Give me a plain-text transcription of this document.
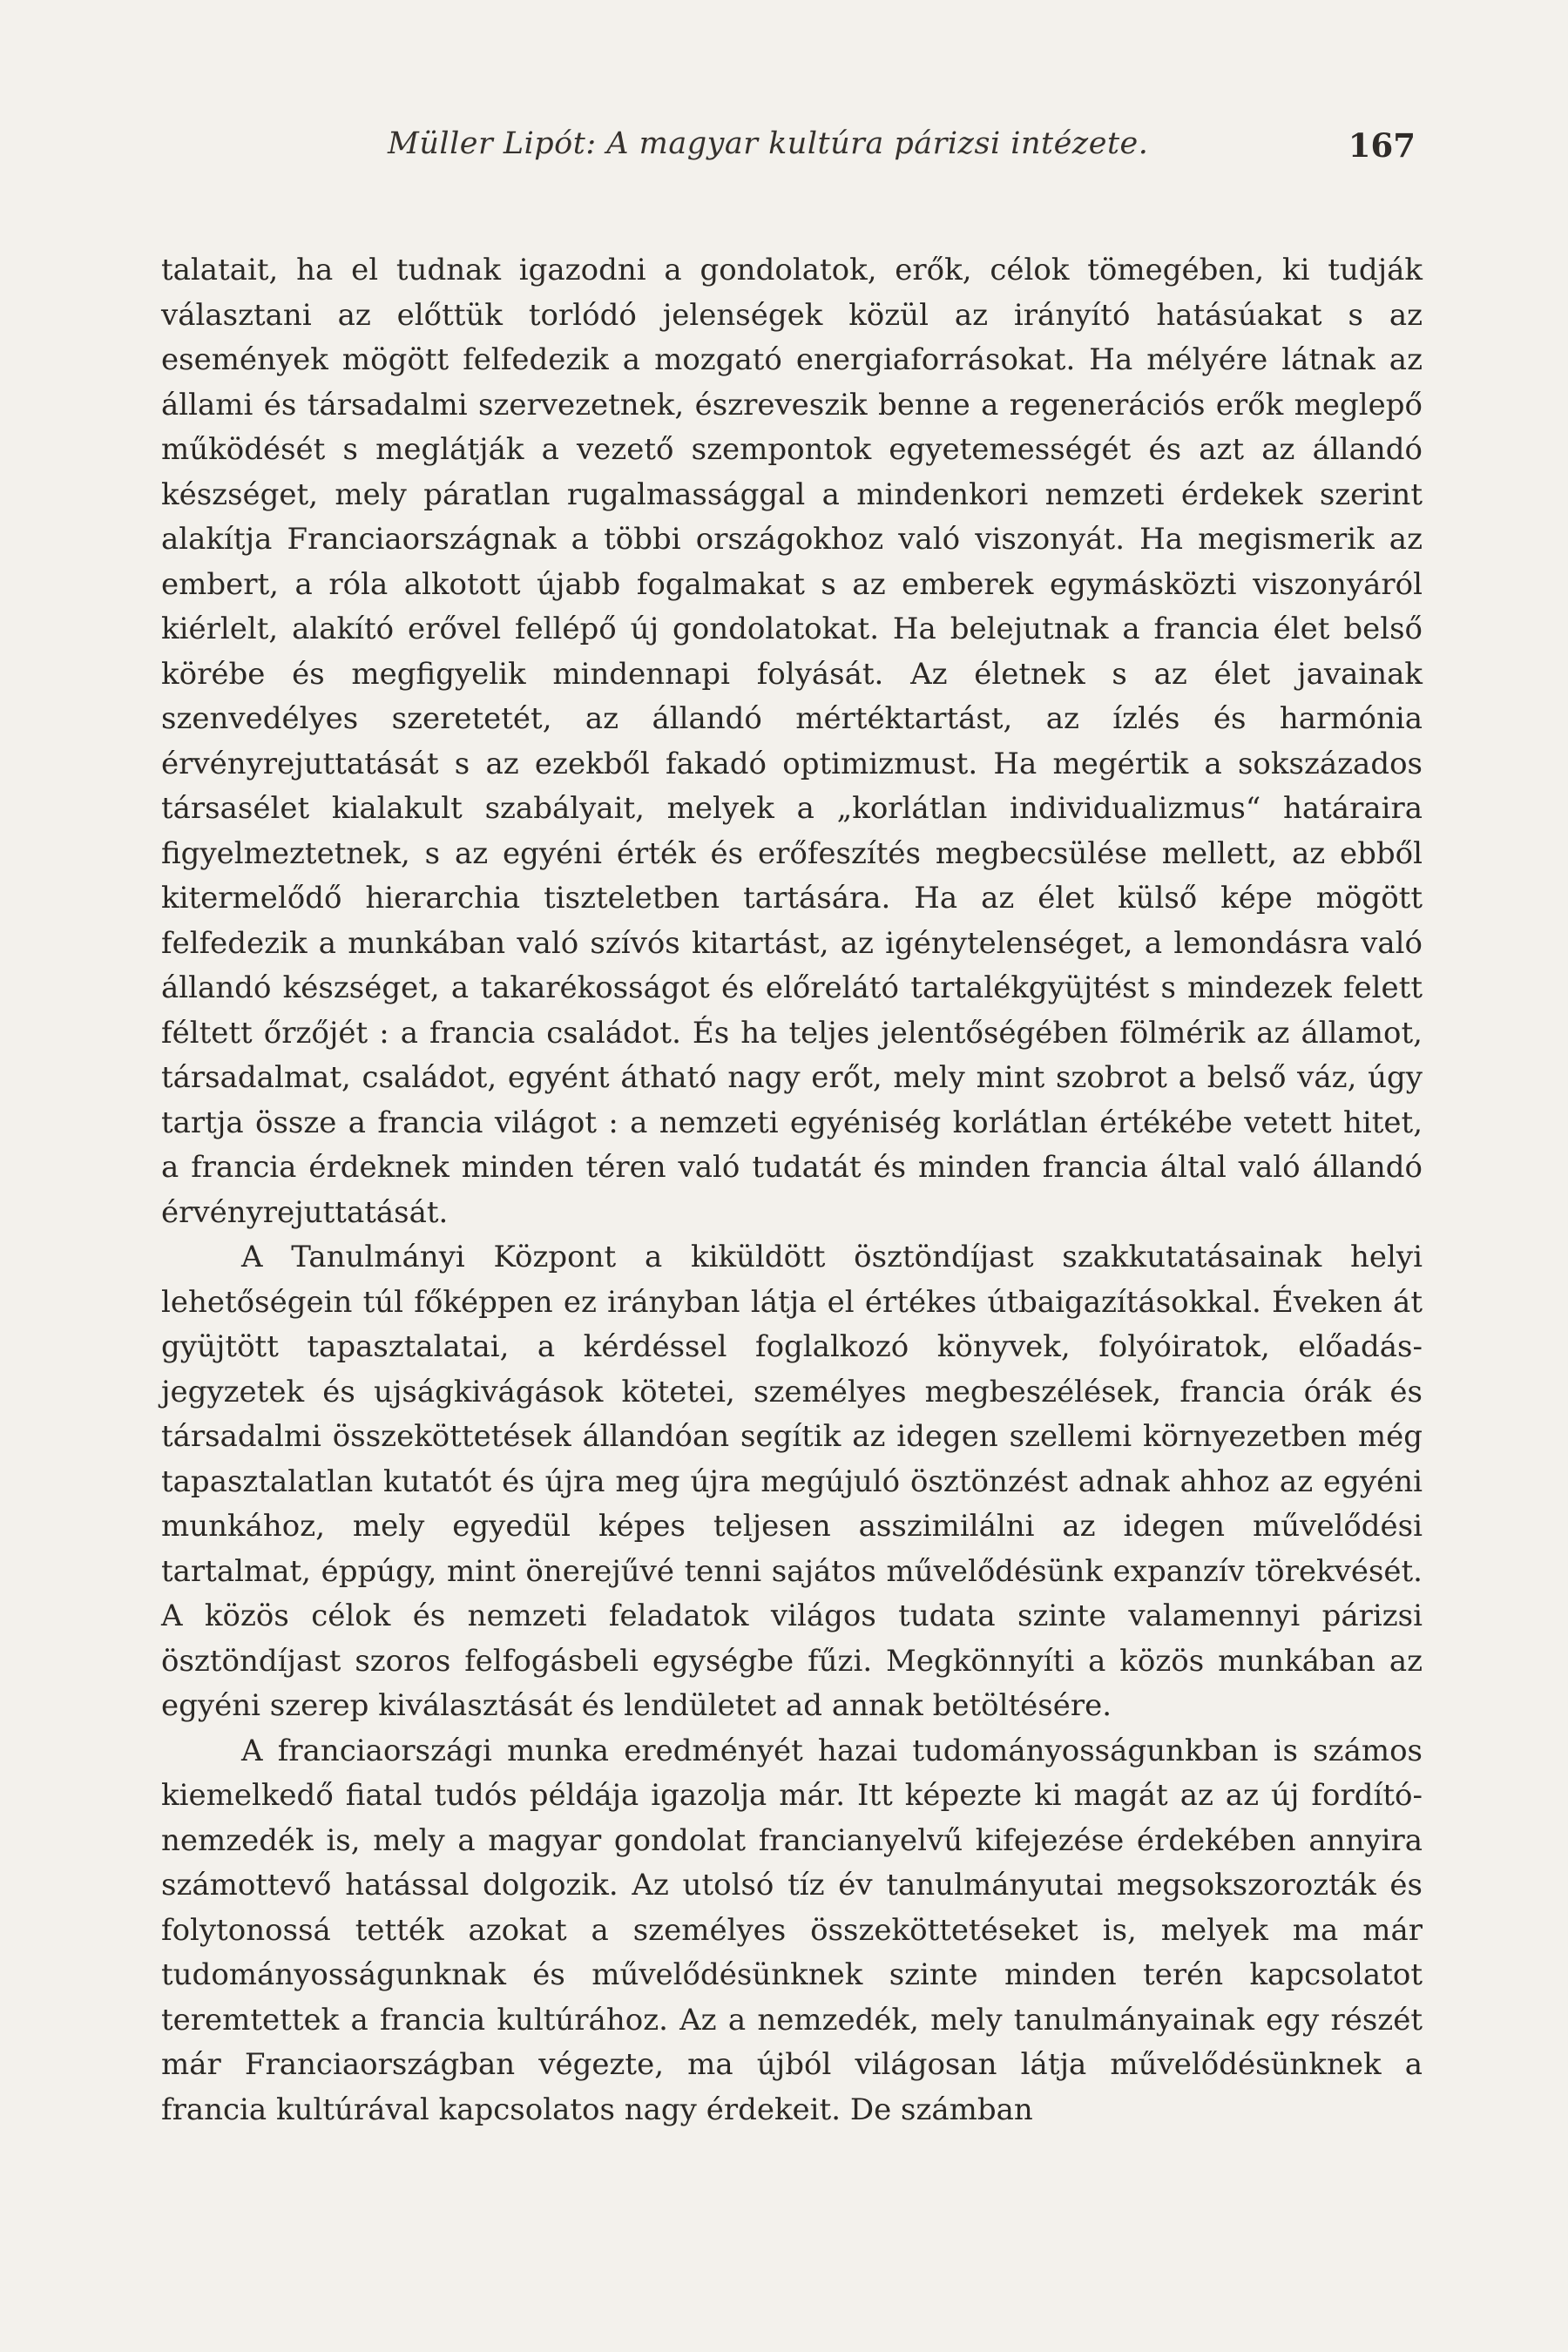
Müller Lipót: A magyar kultúra párizsi intézete.	167

talatait, ha el tudnak igazodni a gondolatok, erők, célok tömegében, ki tudják választani az előttük torlódó jelenségek közül az irányító hatásúakat s az események mögött felfedezik a mozgató energiaforrásokat. Ha mélyére látnak az állami és társadalmi szervezetnek, észreveszik benne a regenerációs erők meglepő működését s meglátják a vezető szempontok egyetemességét és azt az állandó készséget, mely páratlan rugalmassággal a mindenkori nemzeti érdekek szerint alakítja Franciaországnak a többi országokhoz való viszonyát. Ha megismerik az embert, a róla alkotott újabb fogalmakat s az emberek egymásközti viszonyáról kiérlelt, alakító erővel fellépő új gondolatokat. Ha belejutnak a francia élet belső körébe és megfigyelik mindennapi folyását. Az életnek s az élet javainak szenvedélyes szeretetét, az állandó mértéktartást, az ízlés és harmónia érvényrejuttatását s az ezekből fakadó optimizmust. Ha megértik a sokszázados társasélet kialakult szabályait, melyek a „korlátlan individualizmus“ határaira figyelmeztetnek, s az egyéni érték és erőfeszítés megbecsülése mellett, az ebből kitermelődő hierarchia tiszteletben tartására. Ha az élet külső képe mögött felfedezik a munkában való szívós kitartást, az igénytelenséget, a lemondásra való állandó készséget, a takarékosságot és előrelátó tartalékgyüjtést s mindezek felett féltett őrzőjét : a francia családot. És ha teljes jelentőségében fölmérik az államot, társadalmat, családot, egyént átható nagy erőt, mely mint szobrot a belső váz, úgy tartja össze a francia világot : a nemzeti egyéniség korlátlan értékébe vetett hitet, a francia érdeknek minden téren való tudatát és minden francia által való állandó érvényrejuttatását.

A Tanulmányi Központ a kiküldött ösztöndíjast szakkutatásainak helyi lehetőségein túl főképpen ez irányban látja el értékes útbaigazításokkal. Éveken át gyüjtött tapasztalatai, a kérdéssel foglalkozó könyvek, folyóiratok, előadás-jegyzetek és ujságkivágások kötetei, személyes megbeszélések, francia órák és társadalmi összeköttetések állandóan segítik az idegen szellemi környezetben még tapasztalatlan kutatót és újra meg újra megújuló ösztönzést adnak ahhoz az egyéni munkához, mely egyedül képes teljesen asszimilálni az idegen művelődési tartalmat, éppúgy, mint önerejűvé tenni sajátos művelődésünk expanzív törekvését. A közös célok és nemzeti feladatok világos tudata szinte valamennyi párizsi ösztöndíjast szoros felfogásbeli egységbe fűzi. Megkönnyíti a közös munkában az egyéni szerep kiválasztását és lendületet ad annak betöltésére.

A franciaországi munka eredményét hazai tudományosságunkban is számos kiemelkedő fiatal tudós példája igazolja már. Itt képezte ki magát az az új fordító-nemzedék is, mely a magyar gondolat francianyelvű kifejezése érdekében annyira számottevő hatással dolgozik. Az utolsó tíz év tanulmányutai megsokszorozták és folytonossá tették azokat a személyes összeköttetéseket is, melyek ma már tudományosságunknak és művelődésünknek szinte minden terén kapcsolatot teremtettek a francia kultúrához. Az a nemzedék, mely tanulmányainak egy részét már Franciaországban végezte, ma újból világosan látja művelődésünknek a francia kultúrával kapcsolatos nagy érdekeit. De számban
